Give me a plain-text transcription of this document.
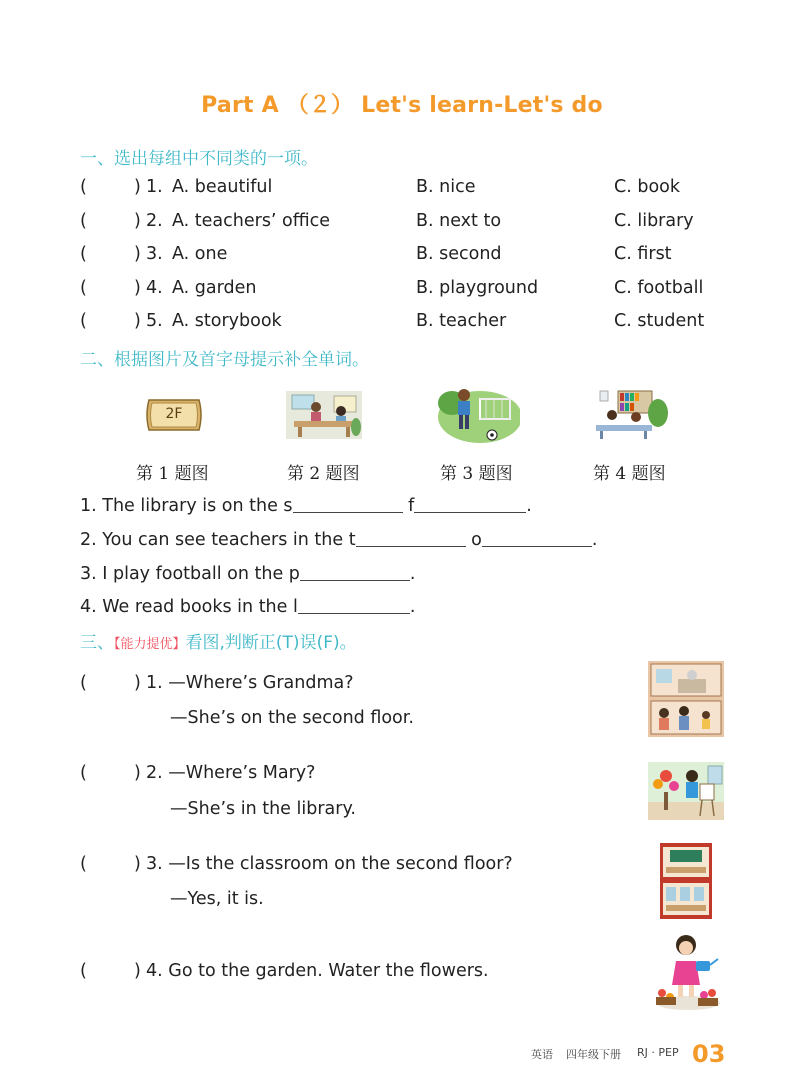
Part A （２） Let's learn-Let's do
一、选出每组中不同类的一项。
(	) 1. A. beautiful	B. nice	C. book
(	) 2. A. teachers’ office	B. next to	C. library
(	) 3. A. one	B. second	C. first
(	) 4. A. garden	B. playground	C. football
(	) 5. A. storybook	B. teacher	C. student
二、根据图片及首字母提示补全单词。
2F
第 1 题图	第 2 题图	第 3 题图	第 4 题图
1. The library is on the s	f	.
2. You can see teachers in the t	o	.
3. I play football on the p	.
4. We read books in the l	.
三、【能力提优】看图,判断正(T)误(F)。
(	) 1. —Where’s Grandma?
—She’s on the second floor.
(	) 2. —Where’s Mary?
—She’s in the library.
(	) 3. —Is the classroom on the second floor?
—Yes, it is.
(	) 4. Go to the garden. Water the flowers.
英语 四年级下册 RJ · PEP 03
